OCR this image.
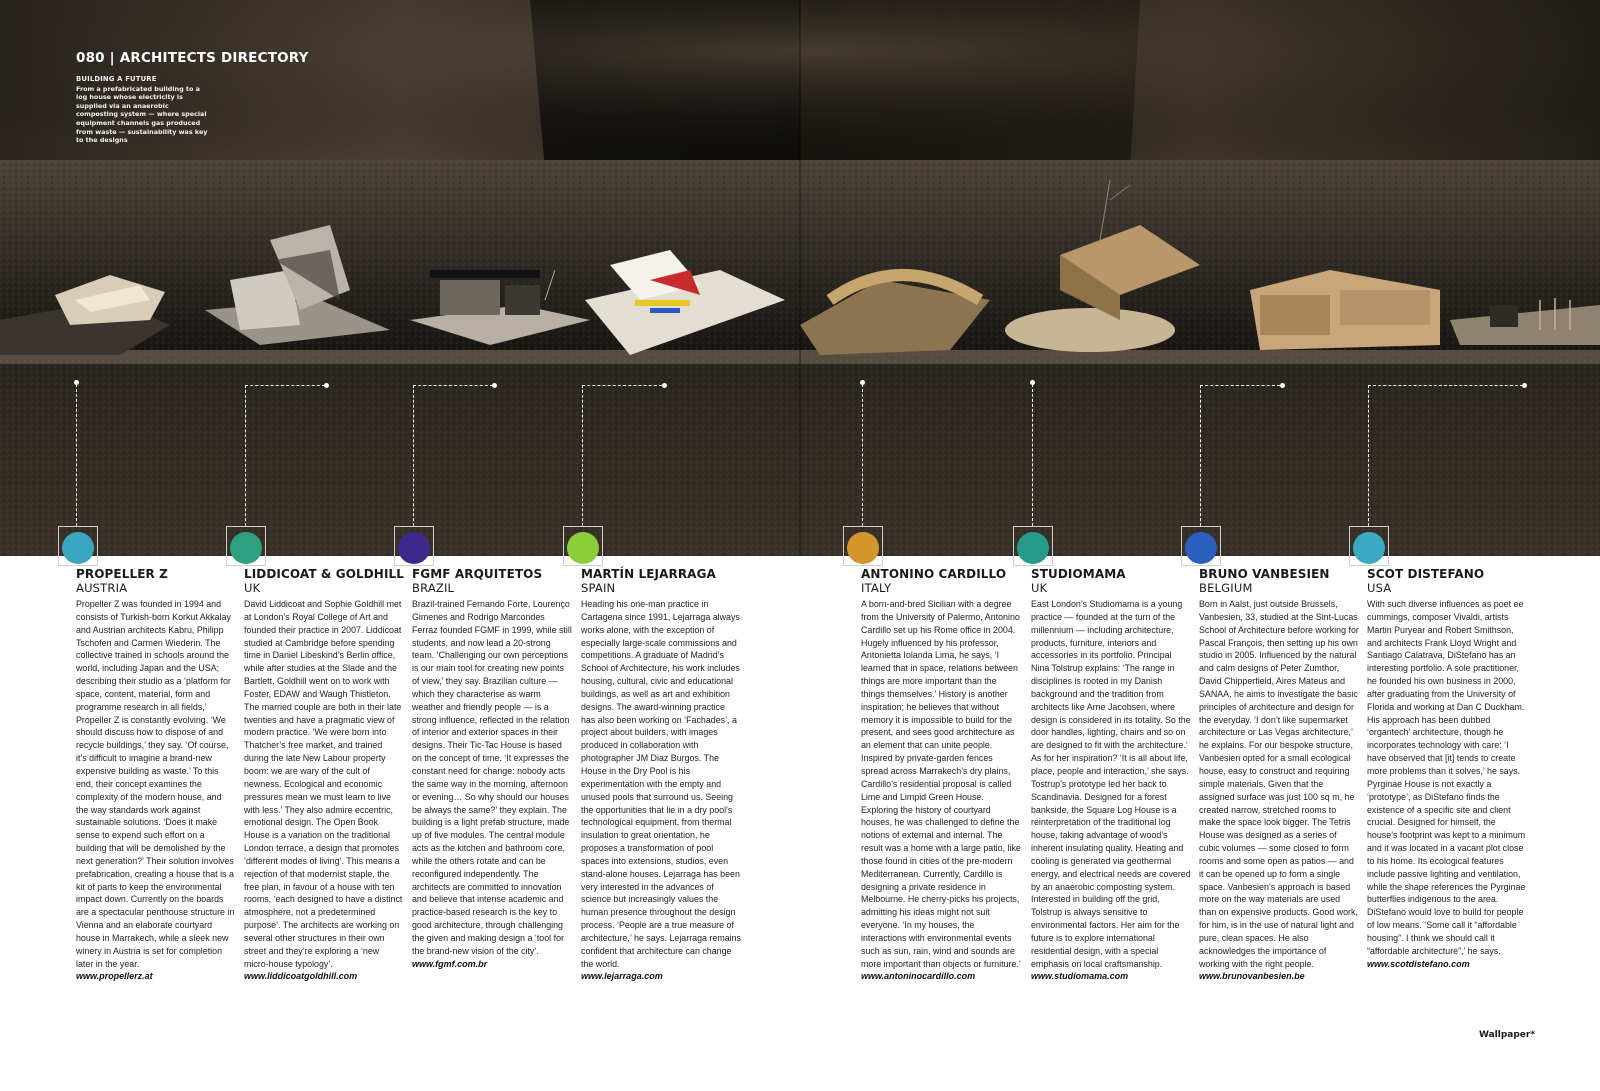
080 | ARCHITECTS DIRECTORY
BUILDING A FUTURE
From a prefabricated building to a log house whose electricity is supplied via an anaerobic composting system — where special equipment channels gas produced from waste — sustainability was key to the designs
PROPELLER Z
AUSTRIA
Propeller Z was founded in 1994 and consists of Turkish-born Korkut Akkalay and Austrian architects Kabru, Philipp Tschofen and Carmen Wiederin. The collective trained in schools around the world, including Japan and the USA; describing their studio as a ‘platform for space, content, material, form and programme research in all fields,’ Propeller Z is constantly evolving. ‘We should discuss how to dispose of and recycle buildings,’ they say. ‘Of course, it’s difficult to imagine a brand-new expensive building as waste.’ To this end, their concept examines the complexity of the modern house, and the way standards work against sustainable solutions. ‘Does it make sense to expend such effort on a building that will be demolished by the next generation?’ Their solution involves prefabrication, creating a house that is a kit of parts to keep the environmental impact down. Currently on the boards are a spectacular penthouse structure in Vienna and an elaborate courtyard house in Marrakech, while a sleek new winery in Austria is set for completion later in the year.
www.propellerz.at
LIDDICOAT & GOLDHILL
UK
David Liddicoat and Sophie Goldhill met at London’s Royal College of Art and founded their practice in 2007. Liddicoat studied at Cambridge before spending time in Daniel Libeskind’s Berlin office, while after studies at the Slade and the Bartlett, Goldhill went on to work with Foster, EDAW and Waugh Thistleton. The married couple are both in their late twenties and have a pragmatic view of modern practice. ‘We were born into Thatcher’s free market, and trained during the late New Labour property boom: we are wary of the cult of newness. Ecological and economic pressures mean we must learn to live with less.’ They also admire eccentric, emotional design. The Open Book House is a variation on the traditional London terrace, a design that promotes ‘different modes of living’. This means a rejection of that modernist staple, the free plan, in favour of a house with ten rooms, ‘each designed to have a distinct atmosphere, not a predetermined purpose’. The architects are working on several other structures in their own street and they’re exploring a ‘new micro-house typology’.
www.liddicoatgoldhill.com
FGMF ARQUITETOS
BRAZIL
Brazil-trained Fernando Forte, Lourenço Gimenes and Rodrigo Marcondes Ferraz founded FGMF in 1999, while still students, and now lead a 20-strong team. ‘Challenging our own perceptions is our main tool for creating new points of view,’ they say. Brazilian culture — which they characterise as warm weather and friendly people — is a strong influence, reflected in the relation of interior and exterior spaces in their designs. Their Tic-Tac House is based on the concept of time. ‘It expresses the constant need for change: nobody acts the same way in the morning, afternoon or evening… So why should our houses be always the same?’ they explain. The building is a light prefab structure, made up of five modules. The central module acts as the kitchen and bathroom core, while the others rotate and can be reconfigured independently. The architects are committed to innovation and believe that intense academic and practice-based research is the key to good architecture, through challenging the given and making design a ‘tool for the brand-new vision of the city’.
www.fgmf.com.br
MARTÍN LEJARRAGA
SPAIN
Heading his one-man practice in Cartagena since 1991, Lejarraga always works alone, with the exception of especially large-scale commissions and competitions. A graduate of Madrid’s School of Architecture, his work includes housing, cultural, civic and educational buildings, as well as art and exhibition designs. The award-winning practice has also been working on ‘Fachades’, a project about builders, with images produced in collaboration with photographer JM Diaz Burgos. The House in the Dry Pool is his experimentation with the empty and unused pools that surround us. Seeing the opportunities that lie in a dry pool’s technological equipment, from thermal insulation to great orientation, he proposes a transformation of pool spaces into extensions, studios, even stand-alone houses. Lejarraga has been very interested in the advances of science but increasingly values the human presence throughout the design process. ‘People are a true measure of architecture,’ he says. Lejarraga remains confident that architecture can change the world.
www.lejarraga.com
ANTONINO CARDILLO
ITALY
A born-and-bred Sicilian with a degree from the University of Palermo, Antonino Cardillo set up his Rome office in 2004. Hugely influenced by his professor, Antonietta Iolanda Lima, he says, ‘I learned that in space, relations between things are more important than the things themselves.’ History is another inspiration; he believes that without memory it is impossible to build for the present, and sees good architecture as an element that can unite people. Inspired by private-garden fences spread across Marrakech’s dry plains, Cardillo’s residential proposal is called Lime and Limpid Green House. Exploring the history of courtyard houses, he was challenged to define the notions of external and internal. The result was a home with a large patio, like those found in cities of the pre-modern Mediterranean. Currently, Cardillo is designing a private residence in Melbourne. He cherry-picks his projects, admitting his ideas might not suit everyone. ‘In my houses, the interactions with environmental events such as sun, rain, wind and sounds are more important than objects or furniture.’
www.antoninocardillo.com
STUDIOMAMA
UK
East London’s Studiomama is a young practice — founded at the turn of the millennium — including architecture, products, furniture, interiors and accessories in its portfolio. Principal Nina Tolstrup explains: ‘The range in disciplines is rooted in my Danish background and the tradition from architects like Arne Jacobsen, where design is considered in its totality. So the door handles, lighting, chairs and so on are designed to fit with the architecture.’ As for her inspiration? ‘It is all about life, place, people and interaction,’ she says. Tostrup’s prototype led her back to Scandinavia. Designed for a forest bankside, the Square Log House is a reinterpretation of the traditional log house, taking advantage of wood’s inherent insulating quality. Heating and cooling is generated via geothermal energy, and electrical needs are covered by an anaerobic composting system. Interested in building off the grid, Tolstrup is always sensitive to environmental factors. Her aim for the future is to explore international residential design, with a special emphasis on local craftsmanship.
www.studiomama.com
BRUNO VANBESIEN
BELGIUM
Born in Aalst, just outside Brussels, Vanbesien, 33, studied at the Sint-Lucas School of Architecture before working for Pascal François, then setting up his own studio in 2005. Influenced by the natural and calm designs of Peter Zumthor, David Chipperfield, Aires Mateus and SANAA, he aims to investigate the basic principles of architecture and design for the everyday. ‘I don’t like supermarket architecture or Las Vegas architecture,’ he explains. For our bespoke structure, Vanbesien opted for a small ecological house, easy to construct and requiring simple materials. Given that the assigned surface was just 100 sq m, he created narrow, stretched rooms to make the space look bigger. The Tetris House was designed as a series of cubic volumes — some closed to form rooms and some open as patios — and it can be opened up to form a single space. Vanbesien’s approach is based more on the way materials are used than on expensive products. Good work, for him, is in the use of natural light and pure, clean spaces. He also acknowledges the importance of working with the right people.
www.brunovanbesien.be
SCOT DISTEFANO
USA
With such diverse influences as poet ee cummings, composer Vivaldi, artists Martin Puryear and Robert Smithson, and architects Frank Lloyd Wright and Santiago Calatrava, DiStefano has an interesting portfolio. A sole practitioner, he founded his own business in 2000, after graduating from the University of Florida and working at Dan C Duckham. His approach has been dubbed ‘organtech’ architecture, though he incorporates technology with care: ‘I have observed that [it] tends to create more problems than it solves,’ he says. Pyrginae House is not exactly a ‘prototype’, as DiStefano finds the existence of a specific site and client crucial. Designed for himself, the house’s footprint was kept to a minimum and it was located in a vacant plot close to his home. Its ecological features include passive lighting and ventilation, while the shape references the Pyrginae butterflies indigenous to the area. DiStefano would love to build for people of low means. ‘Some call it “affordable housing”. I think we should call it “affordable architecture”,’ he says.
www.scotdistefano.com
Wallpaper*
